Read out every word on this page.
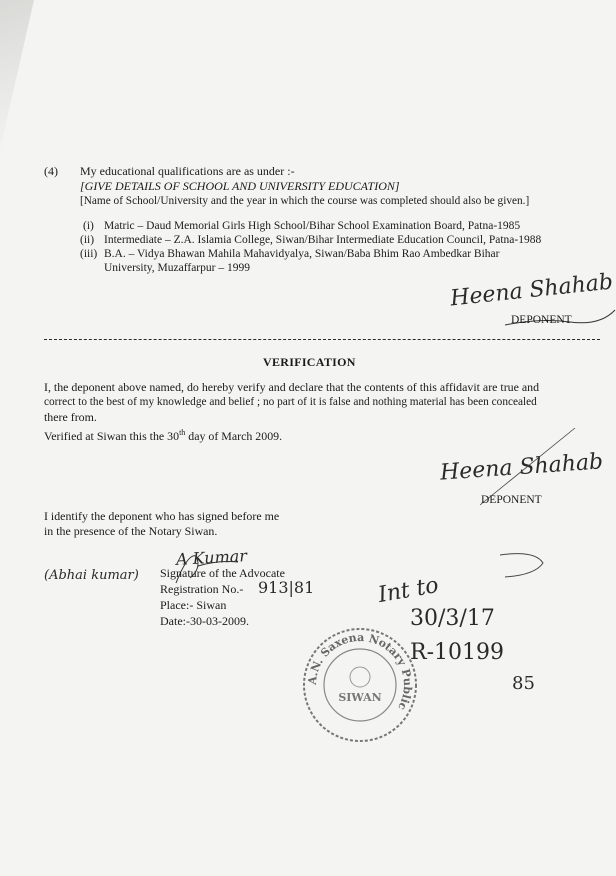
(4) My educational qualifications are as under :-
[GIVE DETAILS OF SCHOOL AND UNIVERSITY EDUCATION]
[Name of School/University and the year in which the course was completed should also be given.]
(i) Matric – Daud Memorial Girls High School/Bihar School Examination Board, Patna-1985
(ii) Intermediate – Z.A. Islamia College, Siwan/Bihar Intermediate Education Council, Patna-1988
(iii) B.A. – Vidya Bhawan Mahila Mahavidyalya, Siwan/Baba Bhim Rao Ambedkar Bihar
University, Muzaffarpur – 1999
Heena Shahab
DEPONENT
VERIFICATION
I, the deponent above named, do hereby verify and declare that the contents of this affidavit are true and
correct to the best of my knowledge and belief ; no part of it is false and nothing material has been concealed
there from.
Verified at Siwan this the 30th day of March 2009.
Heena Shahab
DEPONENT
I identify the deponent who has signed before me
in the presence of the Notary Siwan.
(Abhai kumar)
A Kumar
Signature of the Advocate
Registration No.- 913|81
Place:- Siwan
Date:-30-03-2009.
Int to
30/3/17
R-10199
85
A.N. Saxena Notary Public
SIWAN
